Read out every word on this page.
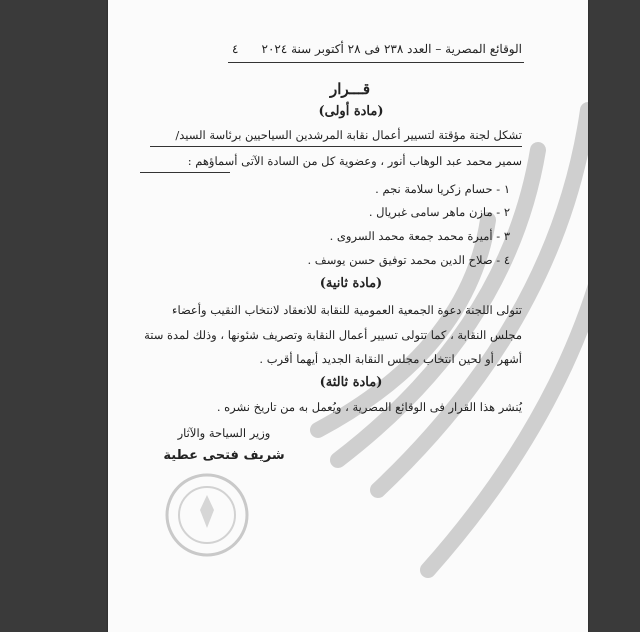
الوقائع المصرية – العدد ٢٣٨ فى ٢٨ أكتوبر سنة ٢٠٢٤
٤
قـــرار
(مادة أولى)
تشكل لجنة مؤقتة لتسيير أعمال نقابة المرشدين السياحيين برئاسة السيد/
سمير محمد عبد الوهاب أنور ، وعضوية كل من السادة الآتى أسماؤهم :
١ - حسام زكريا سلامة نجم .
٢ - مازن ماهر سامى غبريال .
٣ - أميرة محمد جمعة محمد السروى .
٤ - صلاح الدين محمد توفيق حسن يوسف .
(مادة ثانية)
تتولى اللجنة دعوة الجمعية العمومية للنقابة للانعقاد لانتخاب النقيب وأعضاء
مجلس النقابة ، كما تتولى تسيير أعمال النقابة وتصريف شئونها ، وذلك لمدة ستة
أشهر أو لحين انتخاب مجلس النقابة الجديد أيهما أقرب .
(مادة ثالثة)
يُنشر هذا القرار فى الوقائع المصرية ، ويُعمل به من تاريخ نشره .
وزير السياحة والآثار
شريف فتحى عطية
